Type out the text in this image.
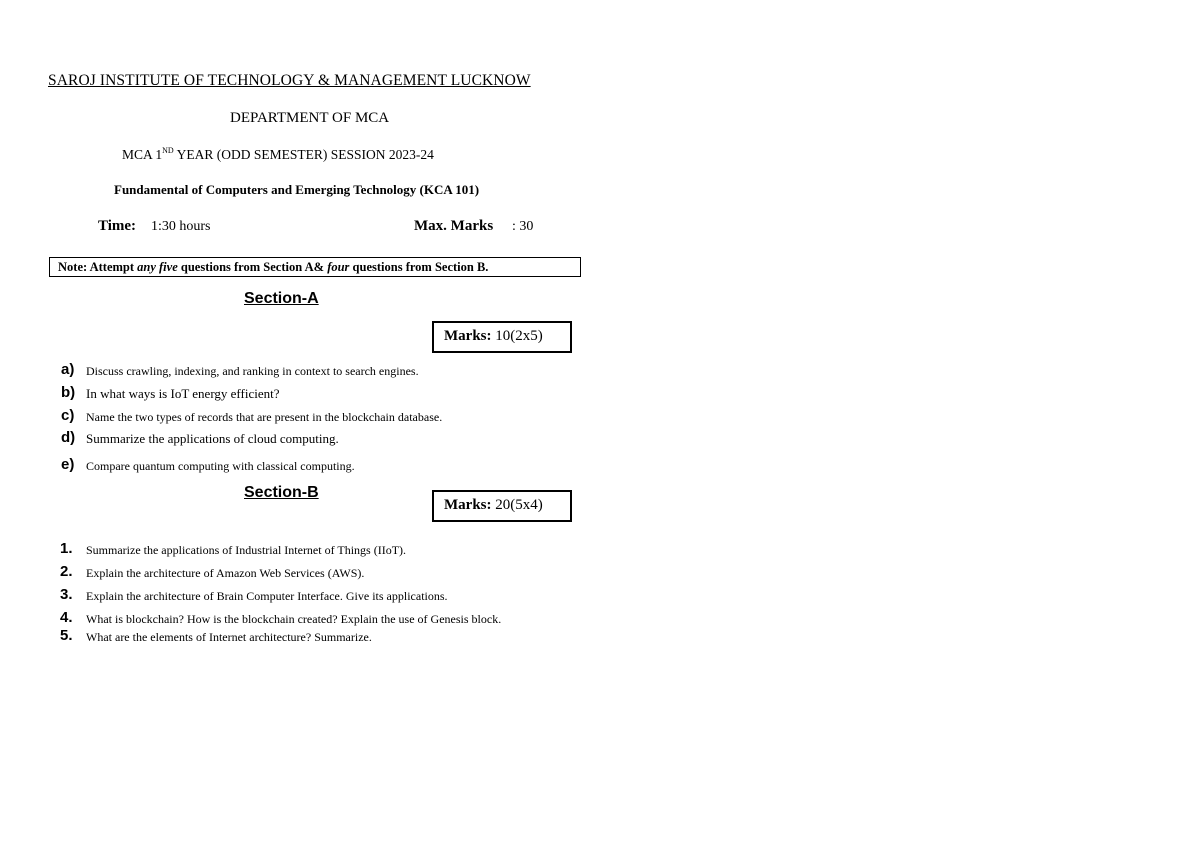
SAROJ INSTITUTE OF TECHNOLOGY & MANAGEMENT LUCKNOW
DEPARTMENT OF MCA
MCA 1ND YEAR (ODD SEMESTER) SESSION 2023-24
Fundamental of Computers and Emerging Technology (KCA 101)
Time: 1:30 hours	Max. Marks : 30
Note: Attempt any five questions from Section A& four questions from Section B.
Section-A
Marks: 10(2x5)
a) Discuss crawling, indexing, and ranking in context to search engines.
b) In what ways is IoT energy efficient?
c) Name the two types of records that are present in the blockchain database.
d) Summarize the applications of cloud computing.
e) Compare quantum computing with classical computing.
Section-B
Marks: 20(5x4)
1. Summarize the applications of Industrial Internet of Things (IIoT).
2. Explain the architecture of Amazon Web Services (AWS).
3. Explain the architecture of Brain Computer Interface. Give its applications.
4. What is blockchain? How is the blockchain created? Explain the use of Genesis block.
5. What are the elements of Internet architecture? Summarize.
